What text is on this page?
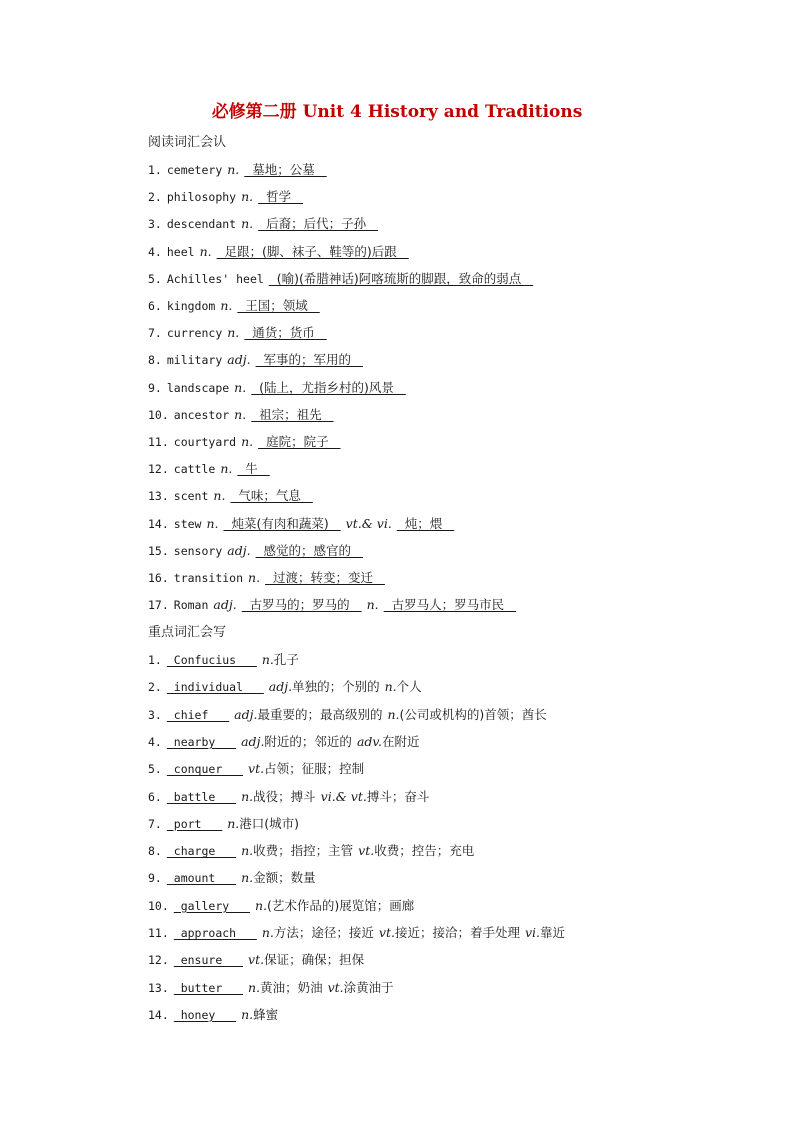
必修第二册 Unit 4 History and Traditions
阅读词汇会认
1. cemetery n.  墓地；公墓
2. philosophy n.  哲学
3. descendant n.  后裔；后代；子孙
4. heel n.  足跟；(脚、袜子、鞋等的)后跟
5. Achilles' heel  (喻)(希腊神话)阿喀琉斯的脚跟，致命的弱点
6. kingdom n.  王国；领域
7. currency n.  通货；货币
8. military adj.  军事的；军用的
9. landscape n.  (陆上，尤指乡村的)风景
10. ancestor n.  祖宗；祖先
11. courtyard n.  庭院；院子
12. cattle n.  牛
13. scent n.  气味；气息
14. stew n.  炖菜(有肉和蔬菜)   vt.& vi.  炖；煨
15. sensory adj.  感觉的；感官的
16. transition n.  过渡；转变；变迁
17. Roman adj.  古罗马的；罗马的   n.  古罗马人；罗马市民
重点词汇会写
1. Confucius   n.孔子
2. individual   adj.单独的；个别的 n.个人
3. chief   adj.最重要的；最高级别的 n.(公司或机构的)首领；酋长
4. nearby   adj.附近的；邻近的 adv.在附近
5. conquer   vt.占领；征服；控制
6. battle   n.战役；搏斗 vi.& vt.搏斗；奋斗
7. port   n.港口(城市)
8. charge   n.收费；指控；主管 vt.收费；控告；充电
9. amount   n.金额；数量
10. gallery   n.(艺术作品的)展览馆；画廊
11. approach   n.方法；途径；接近 vt.接近；接洽；着手处理 vi.靠近
12. ensure   vt.保证；确保；担保
13. butter   n.黄油；奶油 vt.涂黄油于
14. honey   n.蜂蜜
